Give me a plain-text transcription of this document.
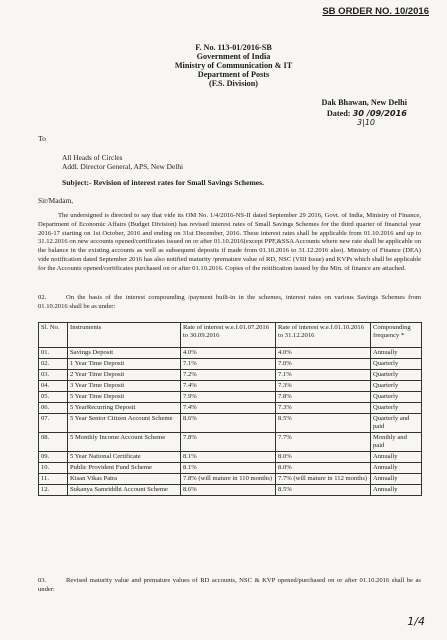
SB ORDER NO. 10/2016
F. No. 113-01/2016-SB
Government of India
Ministry of Communication & IT
Department of Posts
(F.S. Division)
Dak Bhawan, New Delhi
Dated: 30 /09/2016
3|10
To
All Heads of Circles
Addl. Director General, APS, New Delhi
Subject:- Revision of interest rates for Small Savings Schemes.
Sir/Madam,
The undersigned is directed to say that vide its OM No. 1/4/2016-NS-II dated September 29 2016, Govt. of India, Ministry of Finance, Department of Economic Affairs (Budget Division) has revised interest rates of Small Savings Schemes for the third quarter of financial year 2016-17 starting on 1st October, 2016 and ending on 31st December, 2016. These interest rates shall be applicable from 01.10.2016 and up to 31.12.2016 on new accounts opened/certificates issued on or after 01.10.2016(except PPF,&SSA Accounts where new rate shall be applicable on the balance in the existing accounts as well as subsequent deposits if made from 01.10.2016 to 31.12.2016 also). Ministry of Finance (DEA) vide notification dated September 2016 has also notified maturity /premature value of RD, NSC (VIII Issue) and KVPs which shall be applicable for the Accounts opened/certificates purchased on or after 01.10.2016. Copies of the notification issued by the Min. of finance are attached.
02.	On the basis of the interest compounding /payment built-in in the schemes, interest rates on various Savings Schemes from 01.10.2016 shall be as under:
Sl. No.	Instruments	Rate of interest w.e.f.01.07.2016 to 30.09.2016	Rate of interest w.e.f.01.10.2016 to 31.12.2016	Compounding frequency *
01.	Savings Deposit	4.0%	4.0%	Annually
02.	1 Year Time Deposit	7.1%	7.0%	Quarterly
03.	2 Year Time Deposit	7.2%	7.1%	Quarterly
04.	3 Year Time Deposit	7.4%	7.3%	Quarterly
05.	5 Year Time Deposit	7.9%	7.8%	Quarterly
06.	5 YearRecurring Deposit	7.4%	7.3%	Quarterly
07.	5 Year Senior Citizen Account Scheme	8.6%	8.5%	Quarterly and paid
08.	5 Monthly Income Account Scheme	7.8%	7.7%	Monthly and paid
09.	5 Year National Certificate	8.1%	8.0%	Annually
10.	Public Provident Fund Scheme	8.1%	8.0%	Annually
11.	Kisan Vikas Patra	7.8% (will mature in 110 months)	7.7% (will mature in 112 months)	Annually
12.	Sukanya Samriddhi Account Scheme	8.6%	8.5%	Annually
03.	Revised maturity value and premature values of RD accounts, NSC & KVP opened/purchased on or after 01.10.2016 shall be as under:
1/4
